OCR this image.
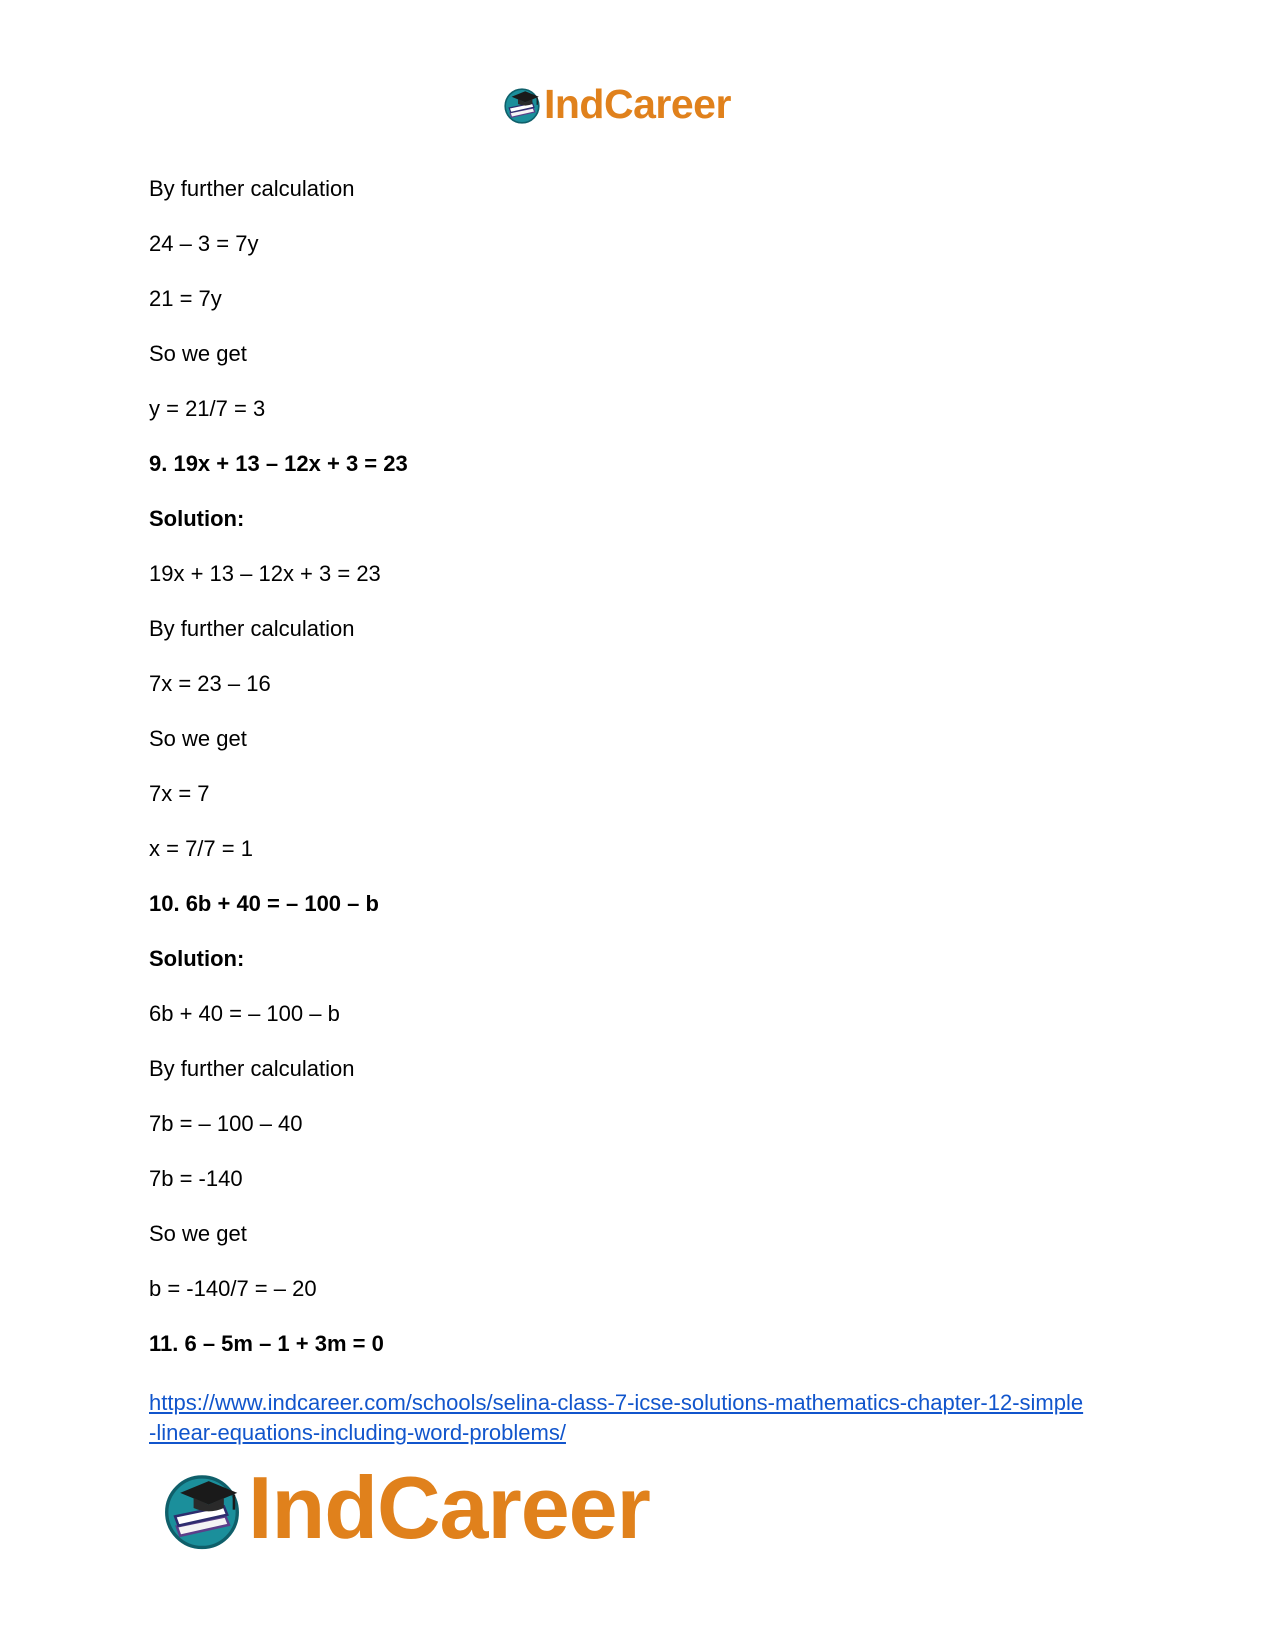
IndCareer
By further calculation
24 – 3 = 7y
21 = 7y
So we get
y = 21/7 = 3
9. 19x + 13 – 12x + 3 = 23
Solution:
19x + 13 – 12x + 3 = 23
By further calculation
7x = 23 – 16
So we get
7x = 7
x = 7/7 = 1
10. 6b + 40 = – 100 – b
Solution:
6b + 40 = – 100 – b
By further calculation
7b = – 100 – 40
7b = -140
So we get
b = -140/7 = – 20
11. 6 – 5m – 1 + 3m = 0
https://www.indcareer.com/schools/selina-class-7-icse-solutions-mathematics-chapter-12-simple
-linear-equations-including-word-problems/
IndCareer
